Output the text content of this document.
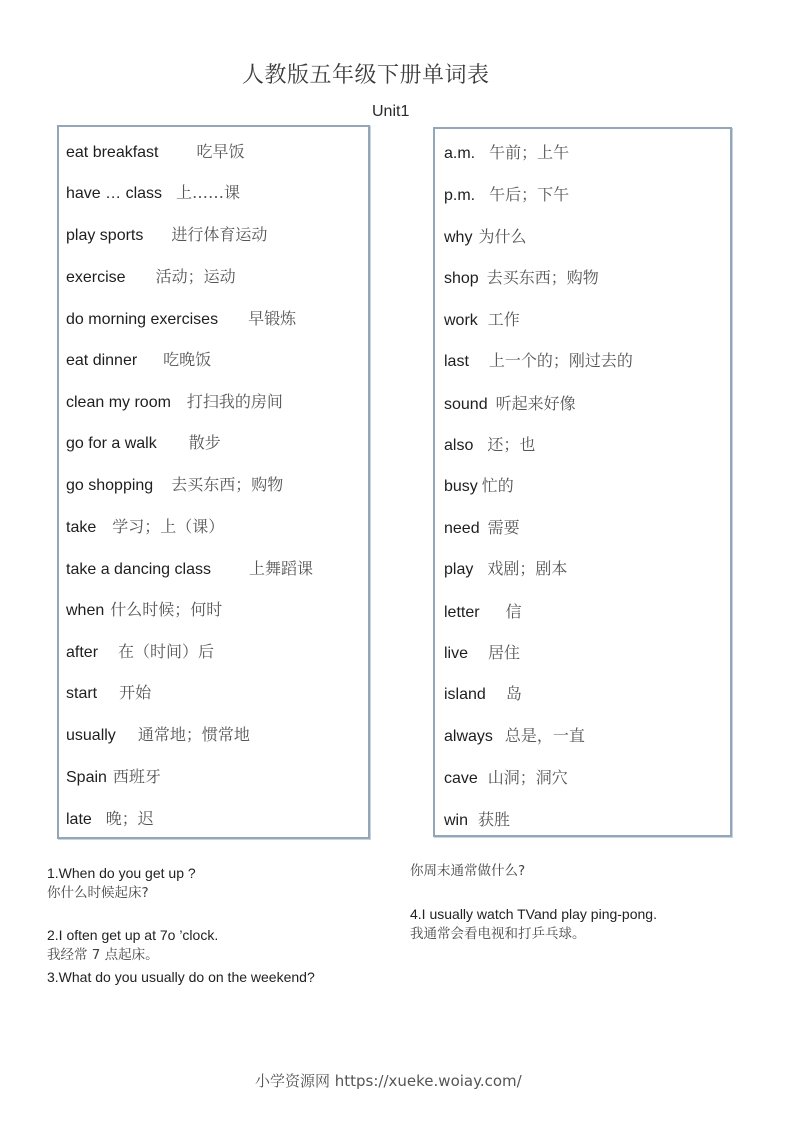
人教版五年级下册单词表
Unit1
eat breakfast 吃早饭
have … class 上……课
play sports 进行体育运动
exercise 活动；运动
do morning exercises 早锻炼
eat dinner 吃晚饭
clean my room 打扫我的房间
go for a walk 散步
go shopping 去买东西；购物
take 学习；上（课）
take a dancing class 上舞蹈课
when 什么时候；何时
after 在（时间）后
start 开始
usually 通常地；惯常地
Spain 西班牙
late 晚；迟
a.m. 午前；上午
p.m. 午后；下午
why 为什么
shop 去买东西；购物
work 工作
last 上一个的；刚过去的
sound 听起来好像
also 还；也
busy 忙的
need 需要
play 戏剧；剧本
letter 信
live 居住
island 岛
always 总是，一直
cave 山洞；洞穴
win 获胜
1.When do you get up ?
你什么时候起床?
2.I often get up at 7o ’clock.
我经常 7 点起床。
3.What do you usually do on the weekend?
你周末通常做什么?
4.I usually watch TVand play ping-pong.
我通常会看电视和打乒乓球。
小学资源网 https://xueke.woiay.com/
